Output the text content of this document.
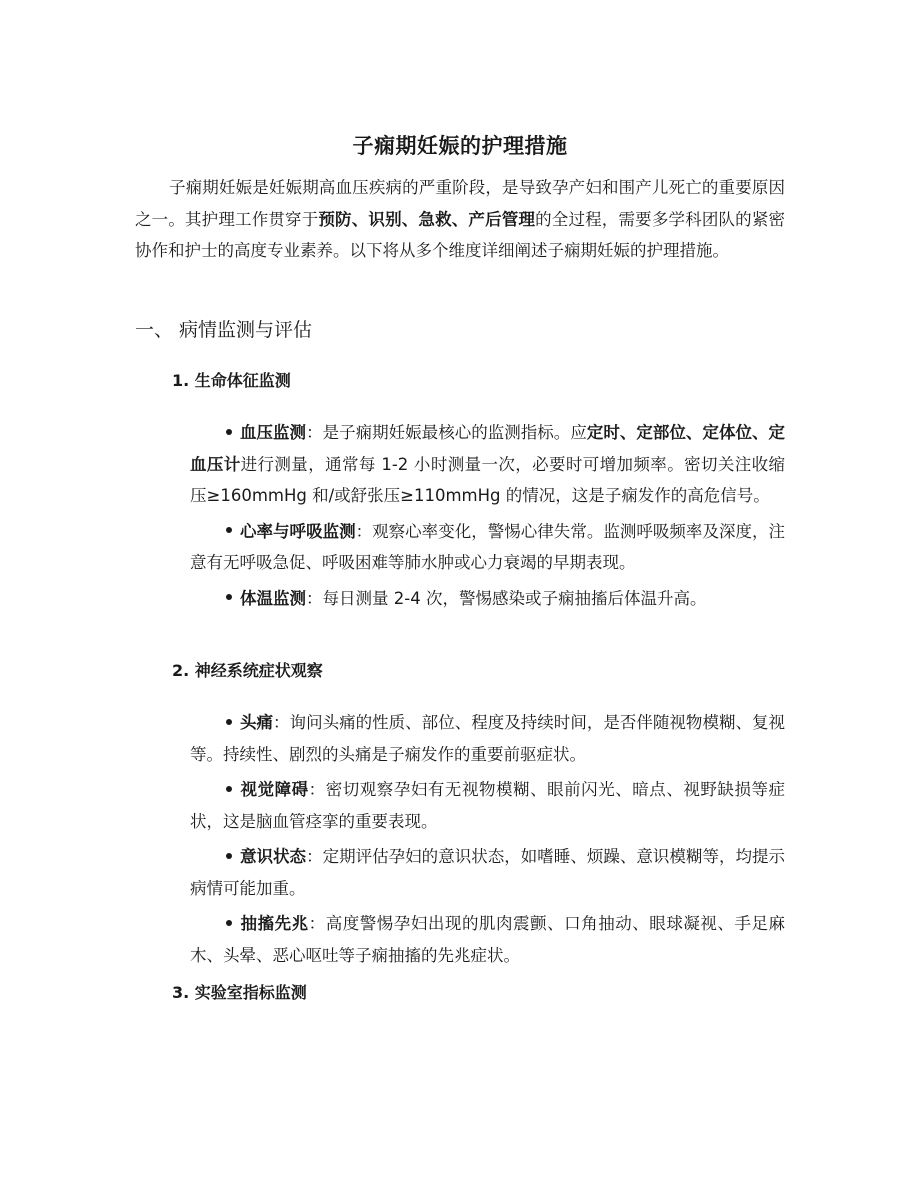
子痫期妊娠的护理措施

子痫期妊娠是妊娠期高血压疾病的严重阶段，是导致孕产妇和围产儿死亡的重要原因之一。其护理工作贯穿于预防、识别、急救、产后管理的全过程，需要多学科团队的紧密协作和护士的高度专业素养。以下将从多个维度详细阐述子痫期妊娠的护理措施。

一、 病情监测与评估
1. 生命体征监测
血压监测：是子痫期妊娠最核心的监测指标。应定时、定部位、定体位、定血压计进行测量，通常每 1-2 小时测量一次，必要时可增加频率。密切关注收缩压≥160mmHg 和/或舒张压≥110mmHg 的情况，这是子痫发作的高危信号。
心率与呼吸监测：观察心率变化，警惕心律失常。监测呼吸频率及深度，注意有无呼吸急促、呼吸困难等肺水肿或心力衰竭的早期表现。
体温监测：每日测量 2-4 次，警惕感染或子痫抽搐后体温升高。
2. 神经系统症状观察
头痛：询问头痛的性质、部位、程度及持续时间，是否伴随视物模糊、复视等。持续性、剧烈的头痛是子痫发作的重要前驱症状。
视觉障碍：密切观察孕妇有无视物模糊、眼前闪光、暗点、视野缺损等症状，这是脑血管痉挛的重要表现。
意识状态：定期评估孕妇的意识状态，如嗜睡、烦躁、意识模糊等，均提示病情可能加重。
抽搐先兆：高度警惕孕妇出现的肌肉震颤、口角抽动、眼球凝视、手足麻木、头晕、恶心呕吐等子痫抽搐的先兆症状。
3. 实验室指标监测
